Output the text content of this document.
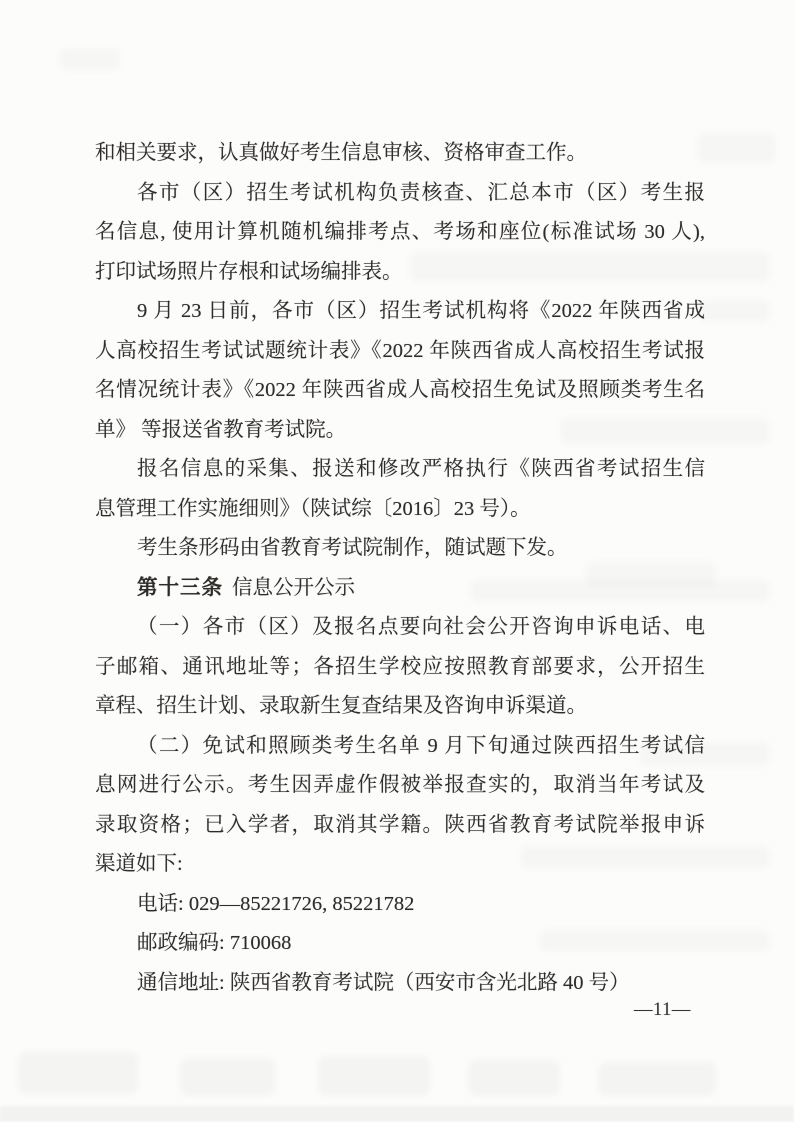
和相关要求，认真做好考生信息审核、资格审查工作。
各市（区）招生考试机构负责核查、汇总本市（区）考生报
名信息, 使用计算机随机编排考点、考场和座位(标准试场 30 人),
打印试场照片存根和试场编排表。
9 月 23 日前，各市（区）招生考试机构将《2022 年陕西省成
人高校招生考试试题统计表》《2022 年陕西省成人高校招生考试报
名情况统计表》《2022 年陕西省成人高校招生免试及照顾类考生名
单》 等报送省教育考试院。
报名信息的采集、报送和修改严格执行《陕西省考试招生信
息管理工作实施细则》（陕试综〔2016〕23 号）。
考生条形码由省教育考试院制作，随试题下发。
第十三条 信息公开公示
（一）各市（区）及报名点要向社会公开咨询申诉电话、电
子邮箱、通讯地址等；各招生学校应按照教育部要求，公开招生
章程、招生计划、录取新生复查结果及咨询申诉渠道。
（二）免试和照顾类考生名单 9 月下旬通过陕西招生考试信
息网进行公示。考生因弄虚作假被举报查实的，取消当年考试及
录取资格；已入学者，取消其学籍。陕西省教育考试院举报申诉
渠道如下:
电话: 029—85221726, 85221782
邮政编码: 710068
通信地址: 陕西省教育考试院（西安市含光北路 40 号）
—11—
